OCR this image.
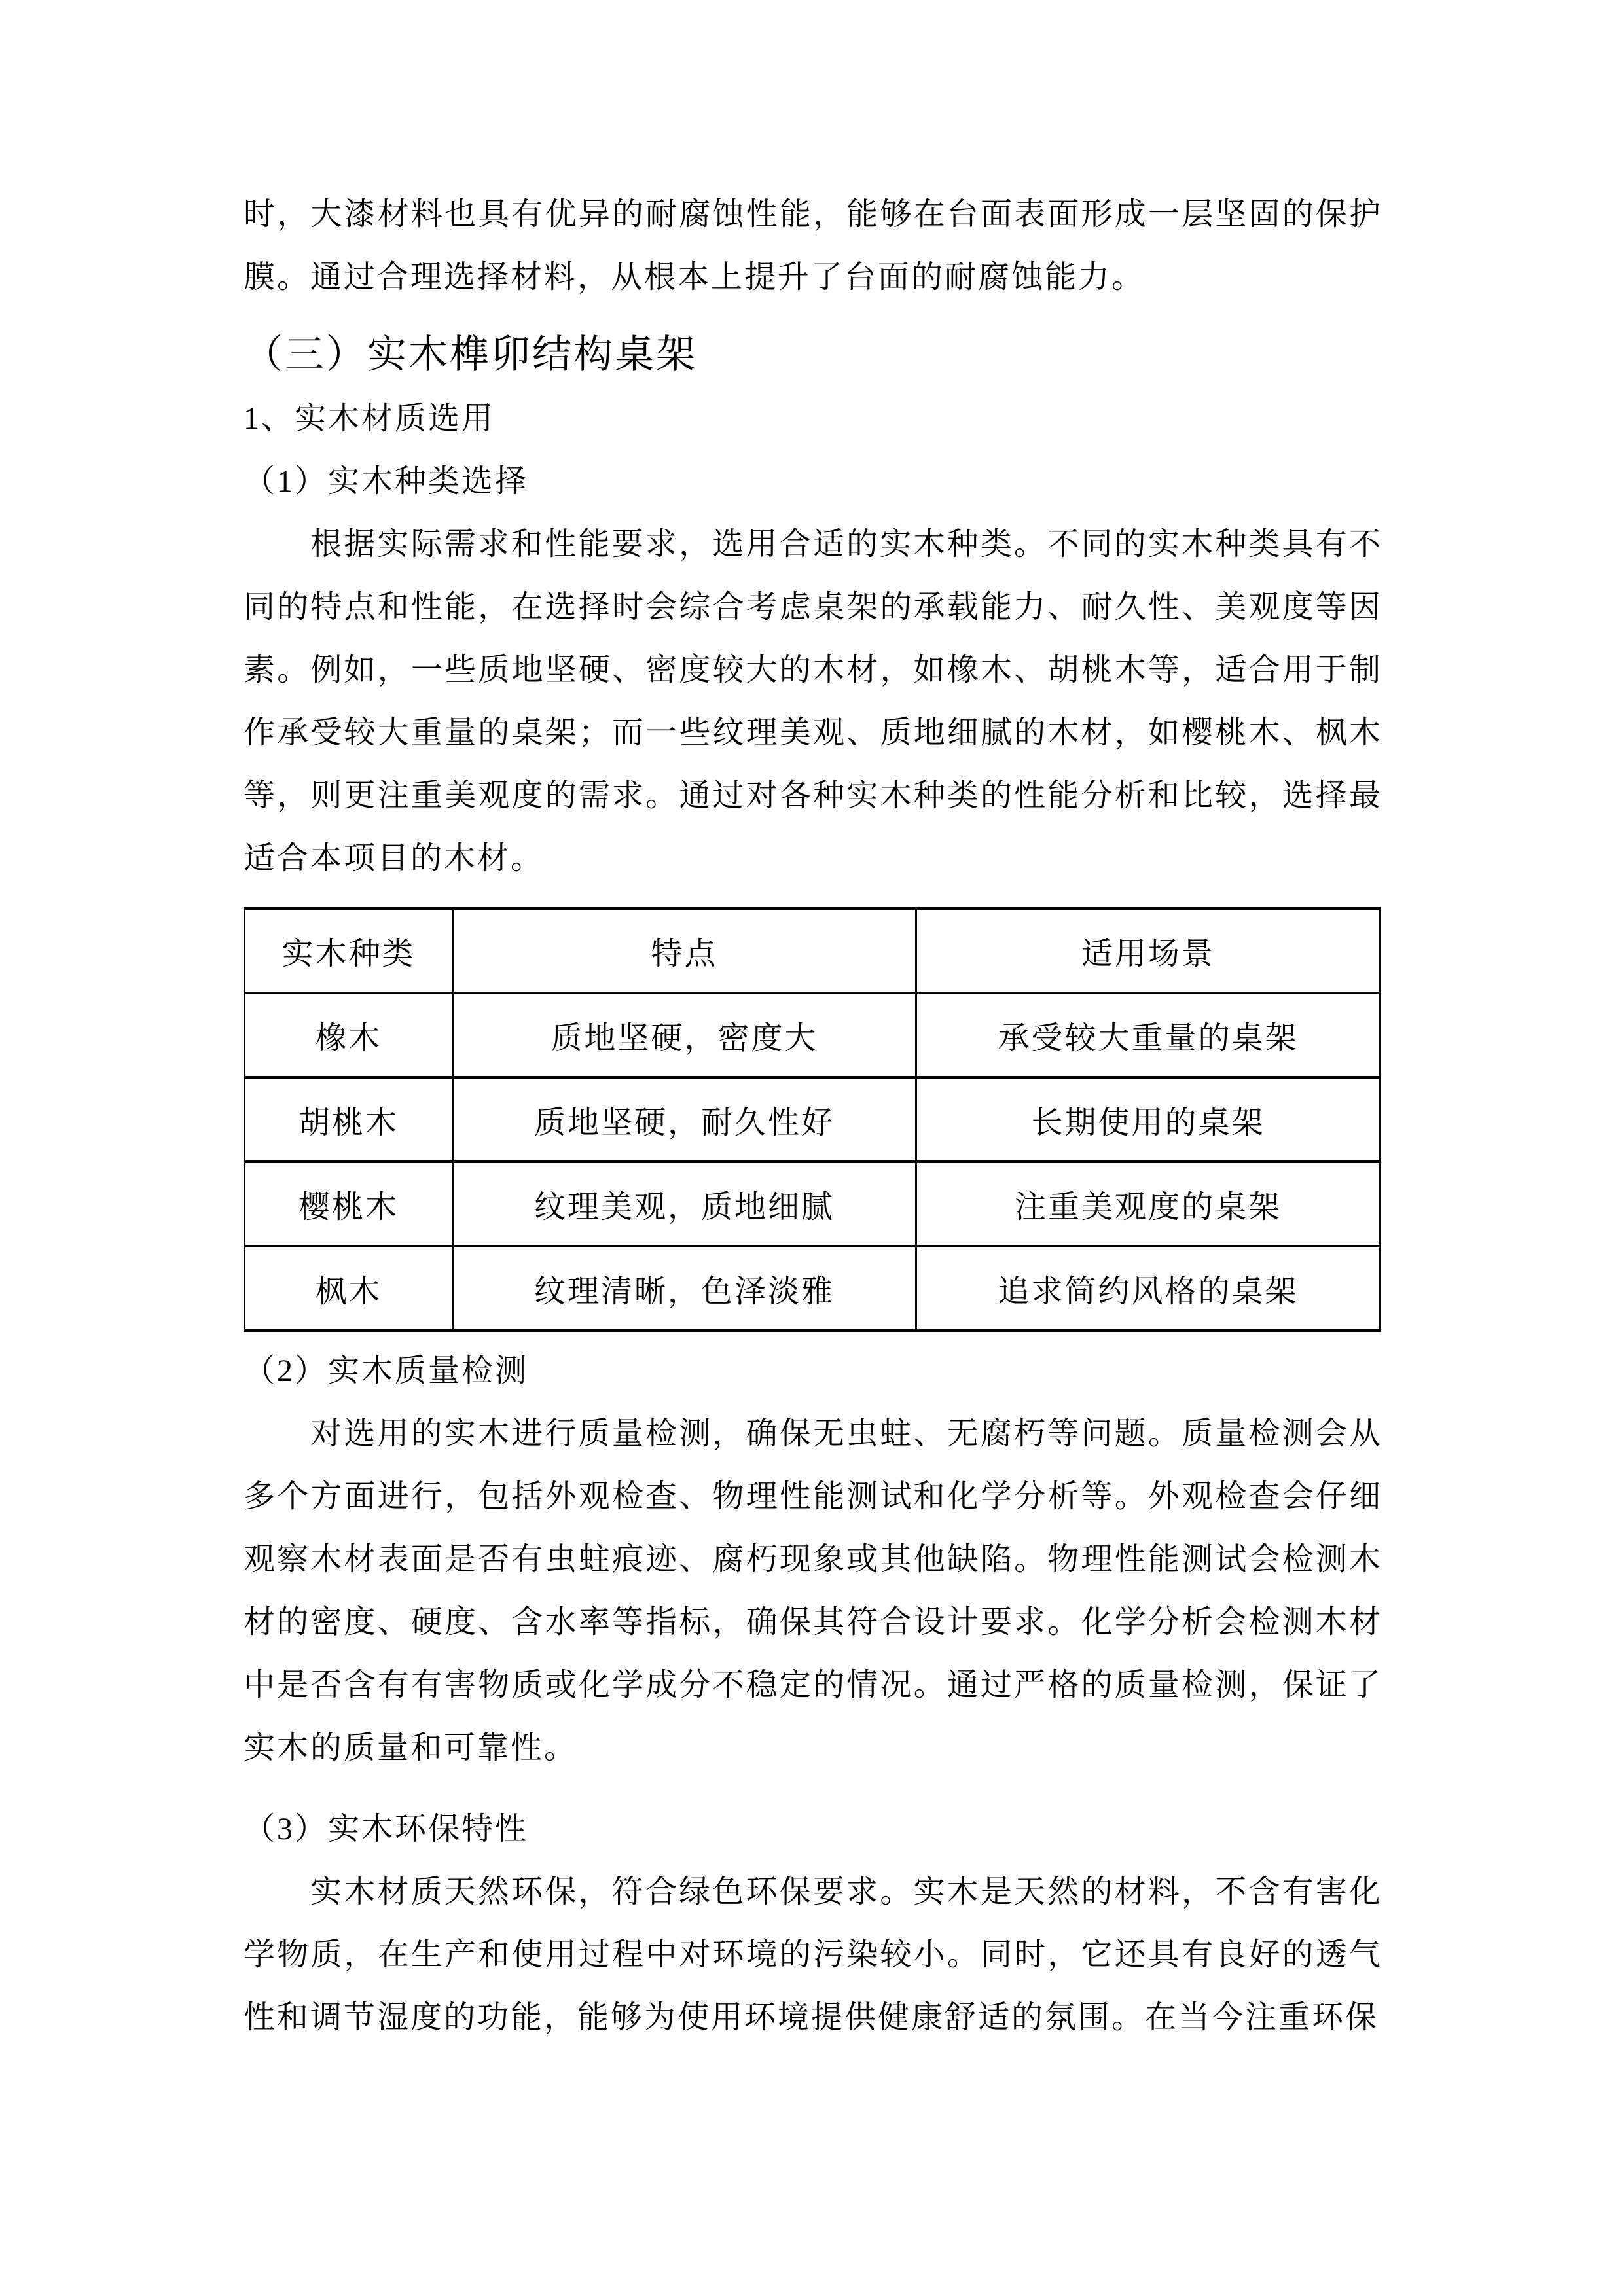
时，大漆材料也具有优异的耐腐蚀性能，能够在台面表面形成一层坚固的保护膜。通过合理选择材料，从根本上提升了台面的耐腐蚀能力。

（三）实木榫卯结构桌架

1、实木材质选用

（1）实木种类选择

根据实际需求和性能要求，选用合适的实木种类。不同的实木种类具有不同的特点和性能，在选择时会综合考虑桌架的承载能力、耐久性、美观度等因素。例如，一些质地坚硬、密度较大的木材，如橡木、胡桃木等，适合用于制作承受较大重量的桌架；而一些纹理美观、质地细腻的木材，如樱桃木、枫木等，则更注重美观度的需求。通过对各种实木种类的性能分析和比较，选择最适合本项目的木材。

实木种类	特点	适用场景
橡木	质地坚硬，密度大	承受较大重量的桌架
胡桃木	质地坚硬，耐久性好	长期使用的桌架
樱桃木	纹理美观，质地细腻	注重美观度的桌架
枫木	纹理清晰，色泽淡雅	追求简约风格的桌架

（2）实木质量检测

对选用的实木进行质量检测，确保无虫蛀、无腐朽等问题。质量检测会从多个方面进行，包括外观检查、物理性能测试和化学分析等。外观检查会仔细观察木材表面是否有虫蛀痕迹、腐朽现象或其他缺陷。物理性能测试会检测木材的密度、硬度、含水率等指标，确保其符合设计要求。化学分析会检测木材中是否含有有害物质或化学成分不稳定的情况。通过严格的质量检测，保证了实木的质量和可靠性。

（3）实木环保特性

实木材质天然环保，符合绿色环保要求。实木是天然的材料，不含有害化学物质，在生产和使用过程中对环境的污染较小。同时，它还具有良好的透气性和调节湿度的功能，能够为使用环境提供健康舒适的氛围。在当今注重环保
